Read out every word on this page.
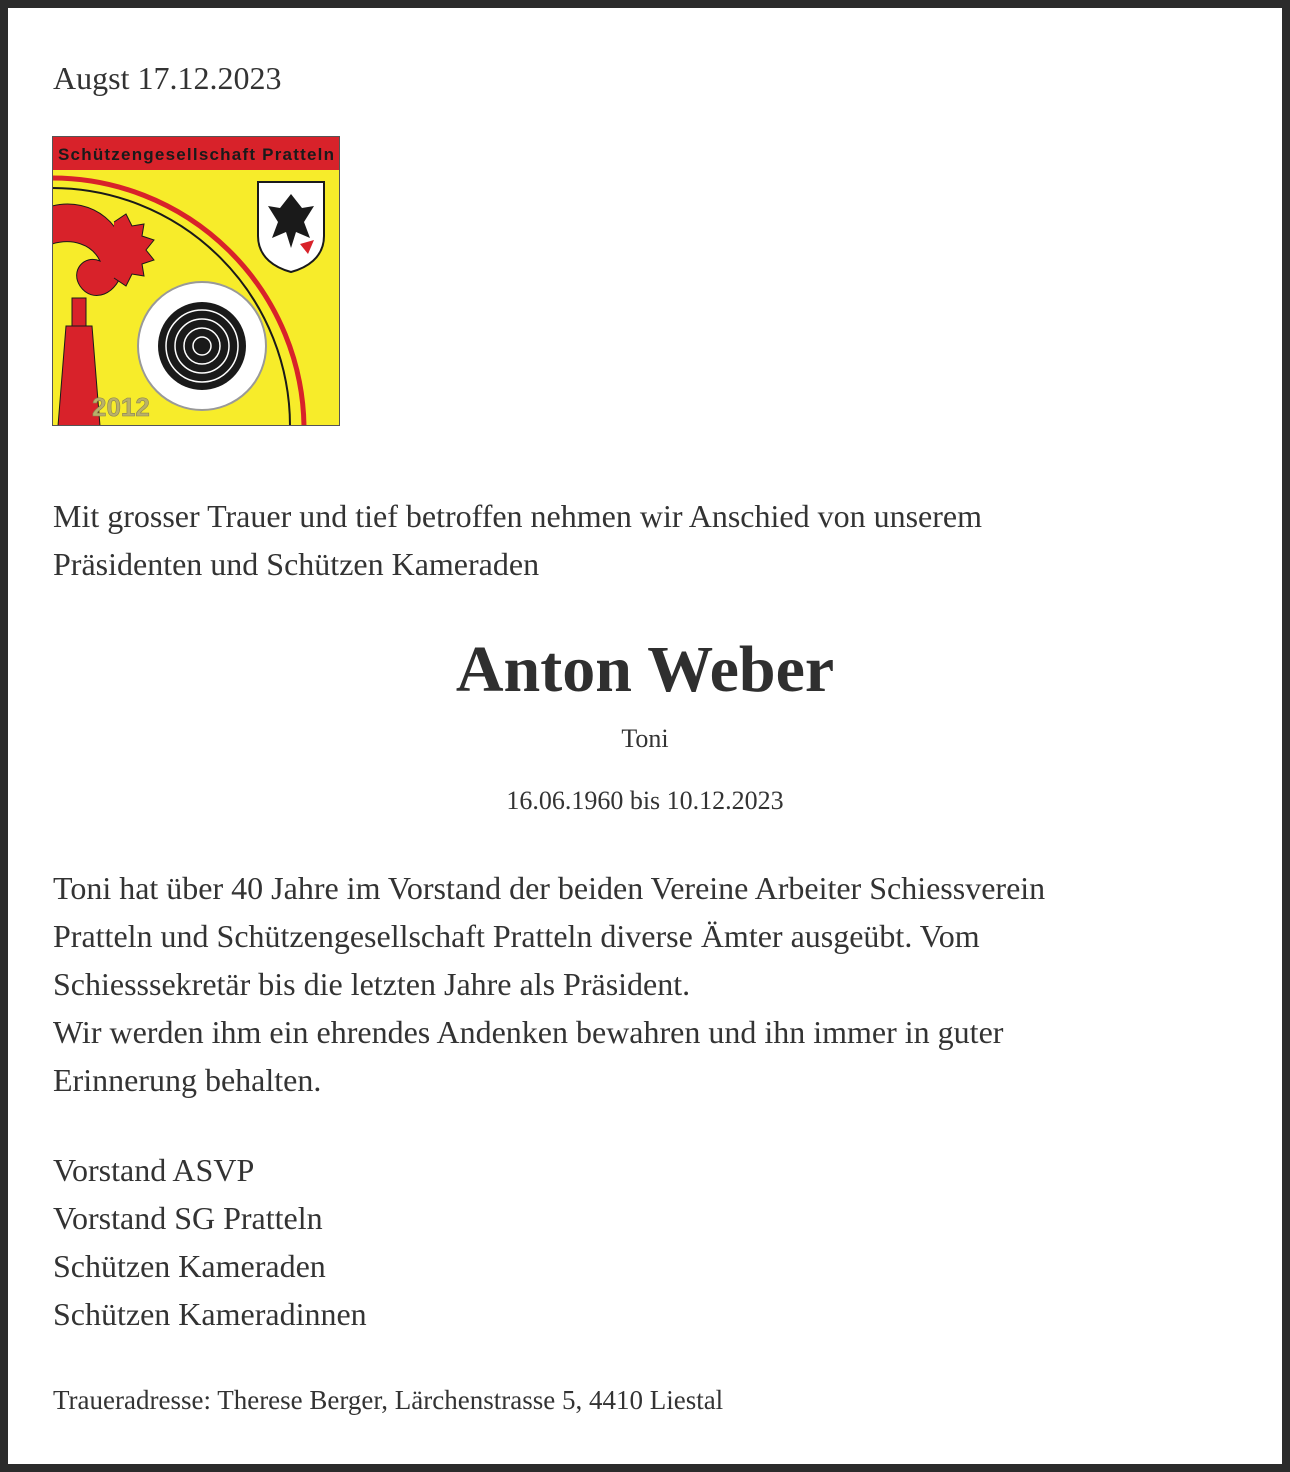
Augst 17.12.2023
Schützengesellschaft Pratteln
2012
Mit grosser Trauer und tief betroffen nehmen wir Anschied von unserem
Präsidenten und Schützen Kameraden
Anton Weber
Toni
16.06.1960 bis 10.12.2023
Toni hat über 40 Jahre im Vorstand der beiden Vereine Arbeiter Schiessverein
Pratteln und Schützengesellschaft Pratteln diverse Ämter ausgeübt. Vom
Schiesssekretär bis die letzten Jahre als Präsident.
Wir werden ihm ein ehrendes Andenken bewahren und ihn immer in guter
Erinnerung behalten.
Vorstand ASVP
Vorstand SG Pratteln
Schützen Kameraden
Schützen Kameradinnen
Traueradresse: Therese Berger, Lärchenstrasse 5, 4410 Liestal
